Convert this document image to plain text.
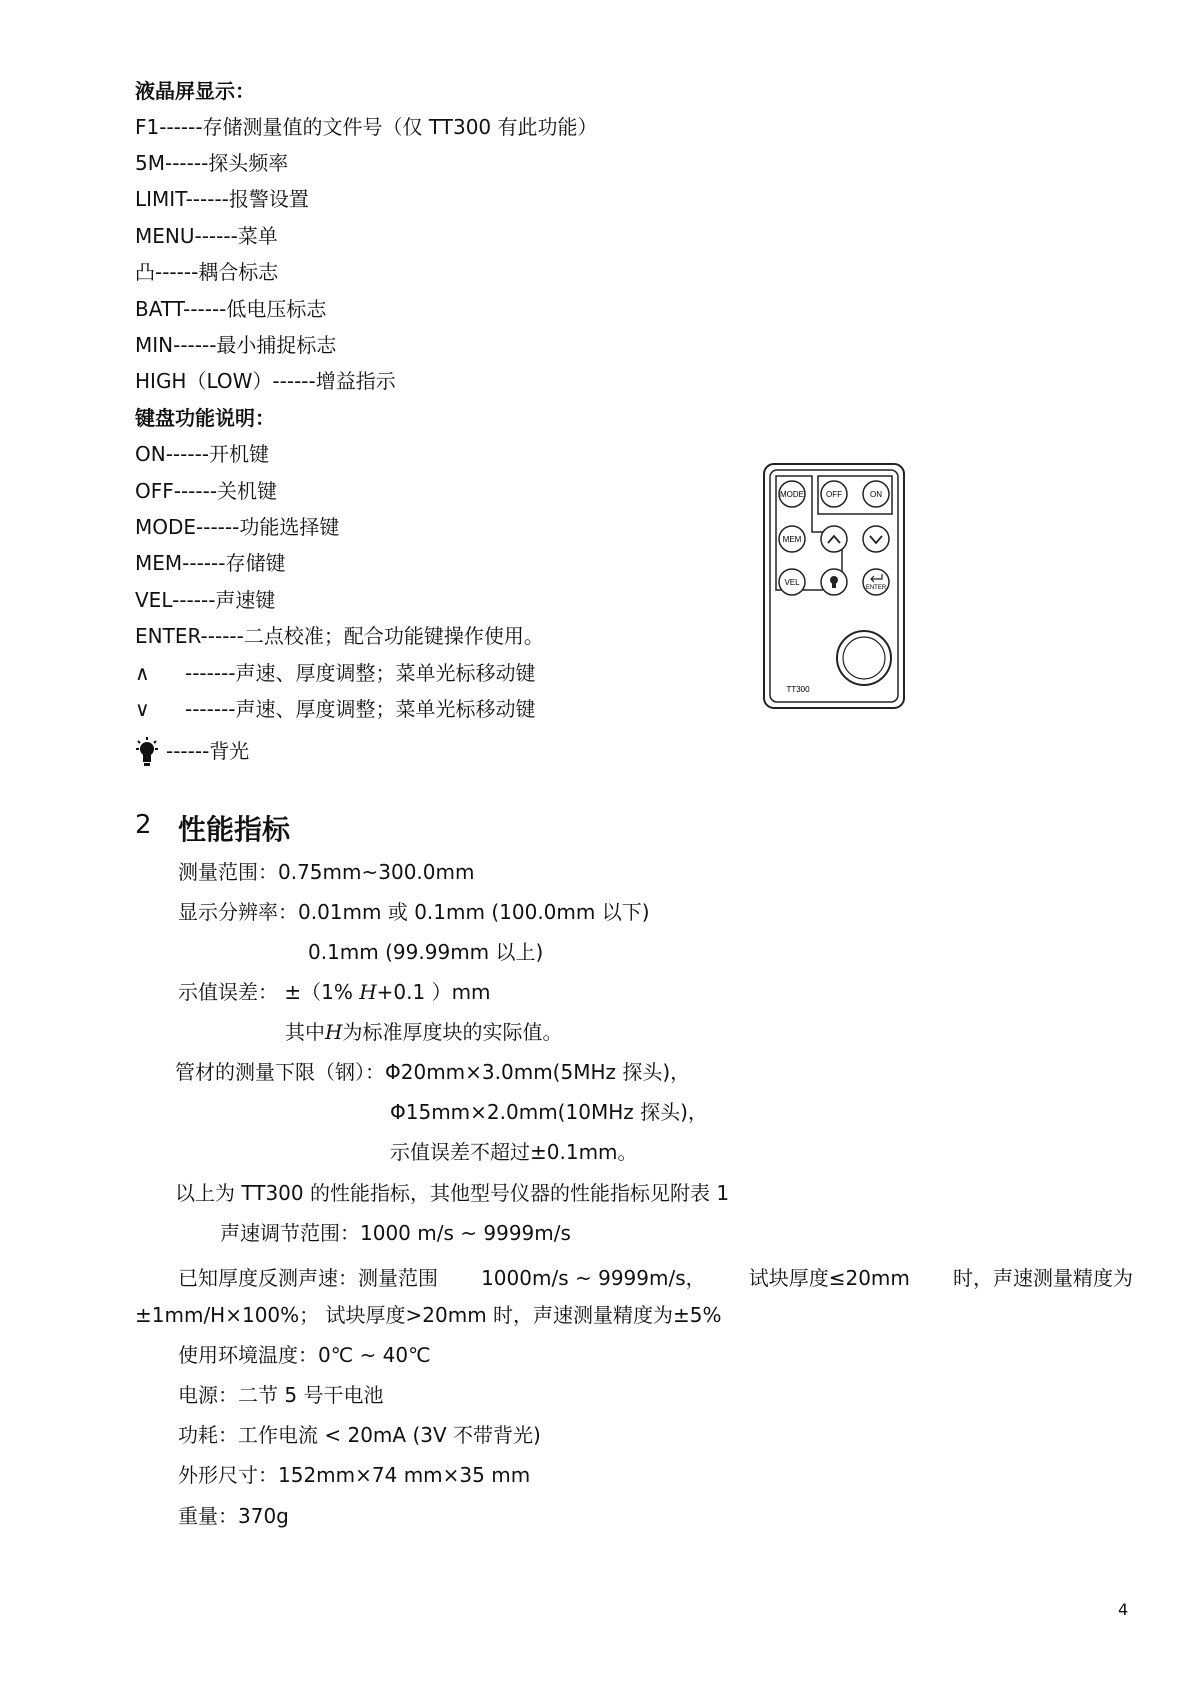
液晶屏显示：
F1------存储测量值的文件号（仅 TT300 有此功能）
5M------探头频率
LIMIT------报警设置
MENU------菜单
凸------耦合标志
BATT------低电压标志
MIN------最小捕捉标志
HIGH（LOW）------增益指示
键盘功能说明：
ON------开机键
OFF------关机键
MODE------功能选择键
MEM------存储键
VEL------声速键
ENTER------二点校准；配合功能键操作使用。
∧ -------声速、厚度调整；菜单光标移动键
∨ -------声速、厚度调整；菜单光标移动键
------背光
MODE	OFF	ON
MEM
VEL
ENTER
TT300
2 性能指标
测量范围：0.75mm~300.0mm
显示分辨率：0.01mm 或 0.1mm (100.0mm 以下)
0.1mm (99.99mm 以上)
示值误差： ±（1% H+0.1 ）mm
其中H为标准厚度块的实际值。
管材的测量下限（钢）：Φ20mm×3.0mm(5MHz 探头)，
Φ15mm×2.0mm(10MHz 探头)，
示值误差不超过±0.1mm。
以上为 TT300 的性能指标，其他型号仪器的性能指标见附表 1
声速调节范围：1000 m/s ~ 9999m/s
已知厚度反测声速：测量范围 1000m/s ~ 9999m/s， 试块厚度≤20mm 时，声速测量精度为
±1mm/H×100%； 试块厚度>20mm 时，声速测量精度为±5%
使用环境温度：0℃ ~ 40℃
电源：二节 5 号干电池
功耗：工作电流 < 20mA (3V 不带背光)
外形尺寸：152mm×74 mm×35 mm
重量：370g
4
